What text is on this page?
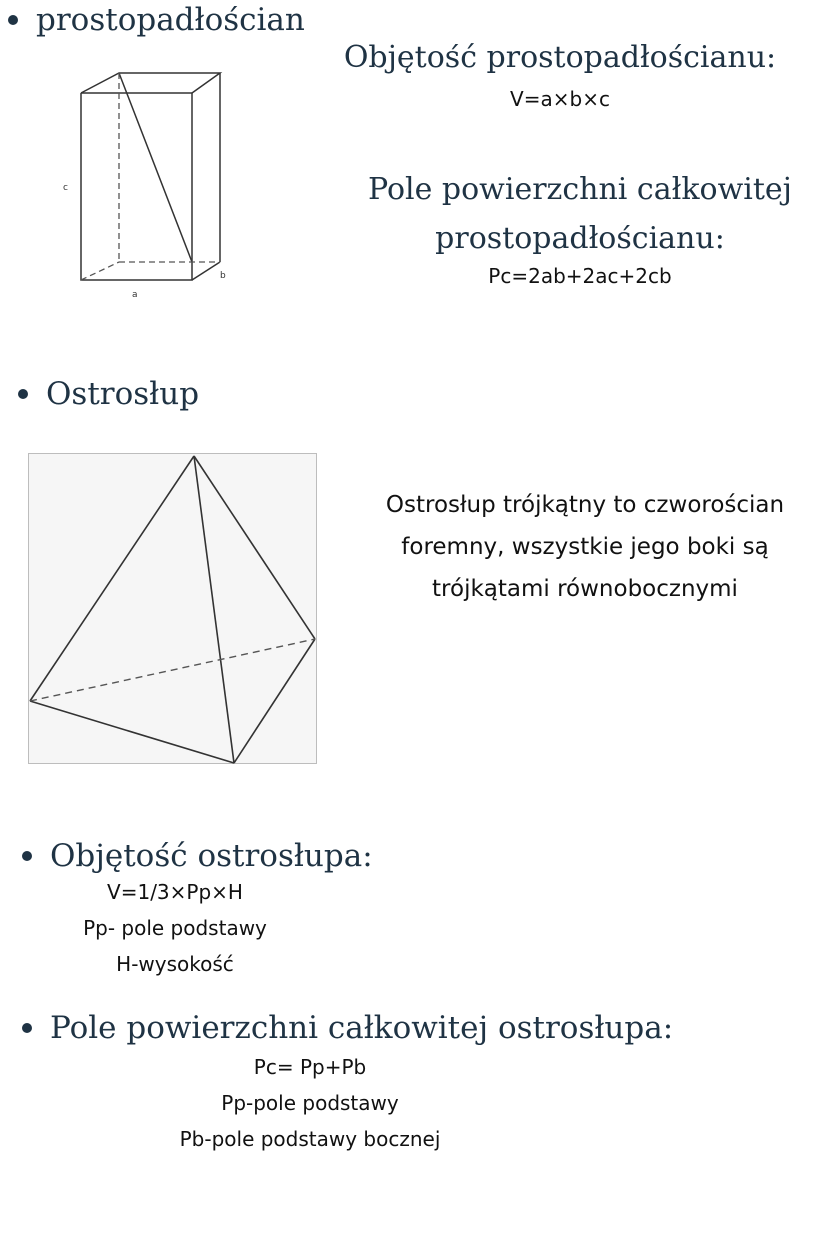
prostopadłościan
c
a
b
Objętość prostopadłościanu:
V=a×b×c
Pole powierzchni całkowitej
prostopadłościanu:
Pc=2ab+2ac+2cb
Ostrosłup
Ostrosłup trójkątny to czworościan
foremny, wszystkie jego boki są
trójkątami równobocznymi
Objętość ostrosłupa:
V=1/3×Pp×H
Pp- pole podstawy
H-wysokość
Pole powierzchni całkowitej ostrosłupa:
Pc= Pp+Pb
Pp-pole podstawy
Pb-pole podstawy bocznej
